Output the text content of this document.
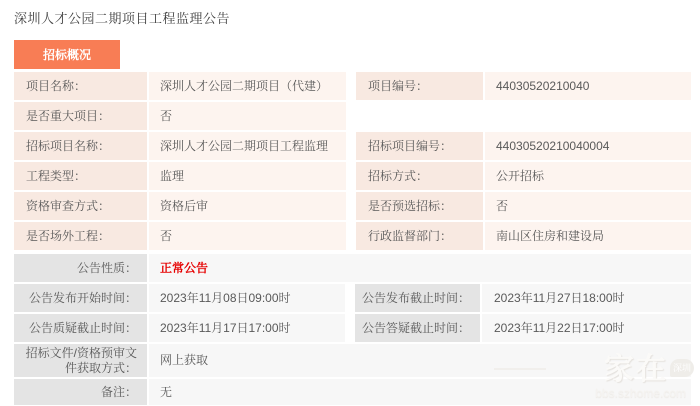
深圳人才公园二期项目工程监理公告
招标概况
项目名称：	深圳人才公园二期项目（代建）	项目编号：	44030520210040
是否重大项目：	否
招标项目名称：	深圳人才公园二期项目工程监理	招标项目编号：	44030520210040004
工程类型：	监理	招标方式：	公开招标
资格审查方式：	资格后审	是否预选招标：	否
是否场外工程：	否	行政监督部门：	南山区住房和建设局
公告性质：	正常公告
公告发布开始时间：	2023年11月08日09:00时	公告发布截止时间：	2023年11月27日18:00时
公告质疑截止时间：	2023年11月17日17:00时	公告答疑截止时间：	2023年11月22日17:00时
招标文件/资格预审文件获取方式：
网上获取
备注：	无
家在 深圳
bbs.szhome.com
